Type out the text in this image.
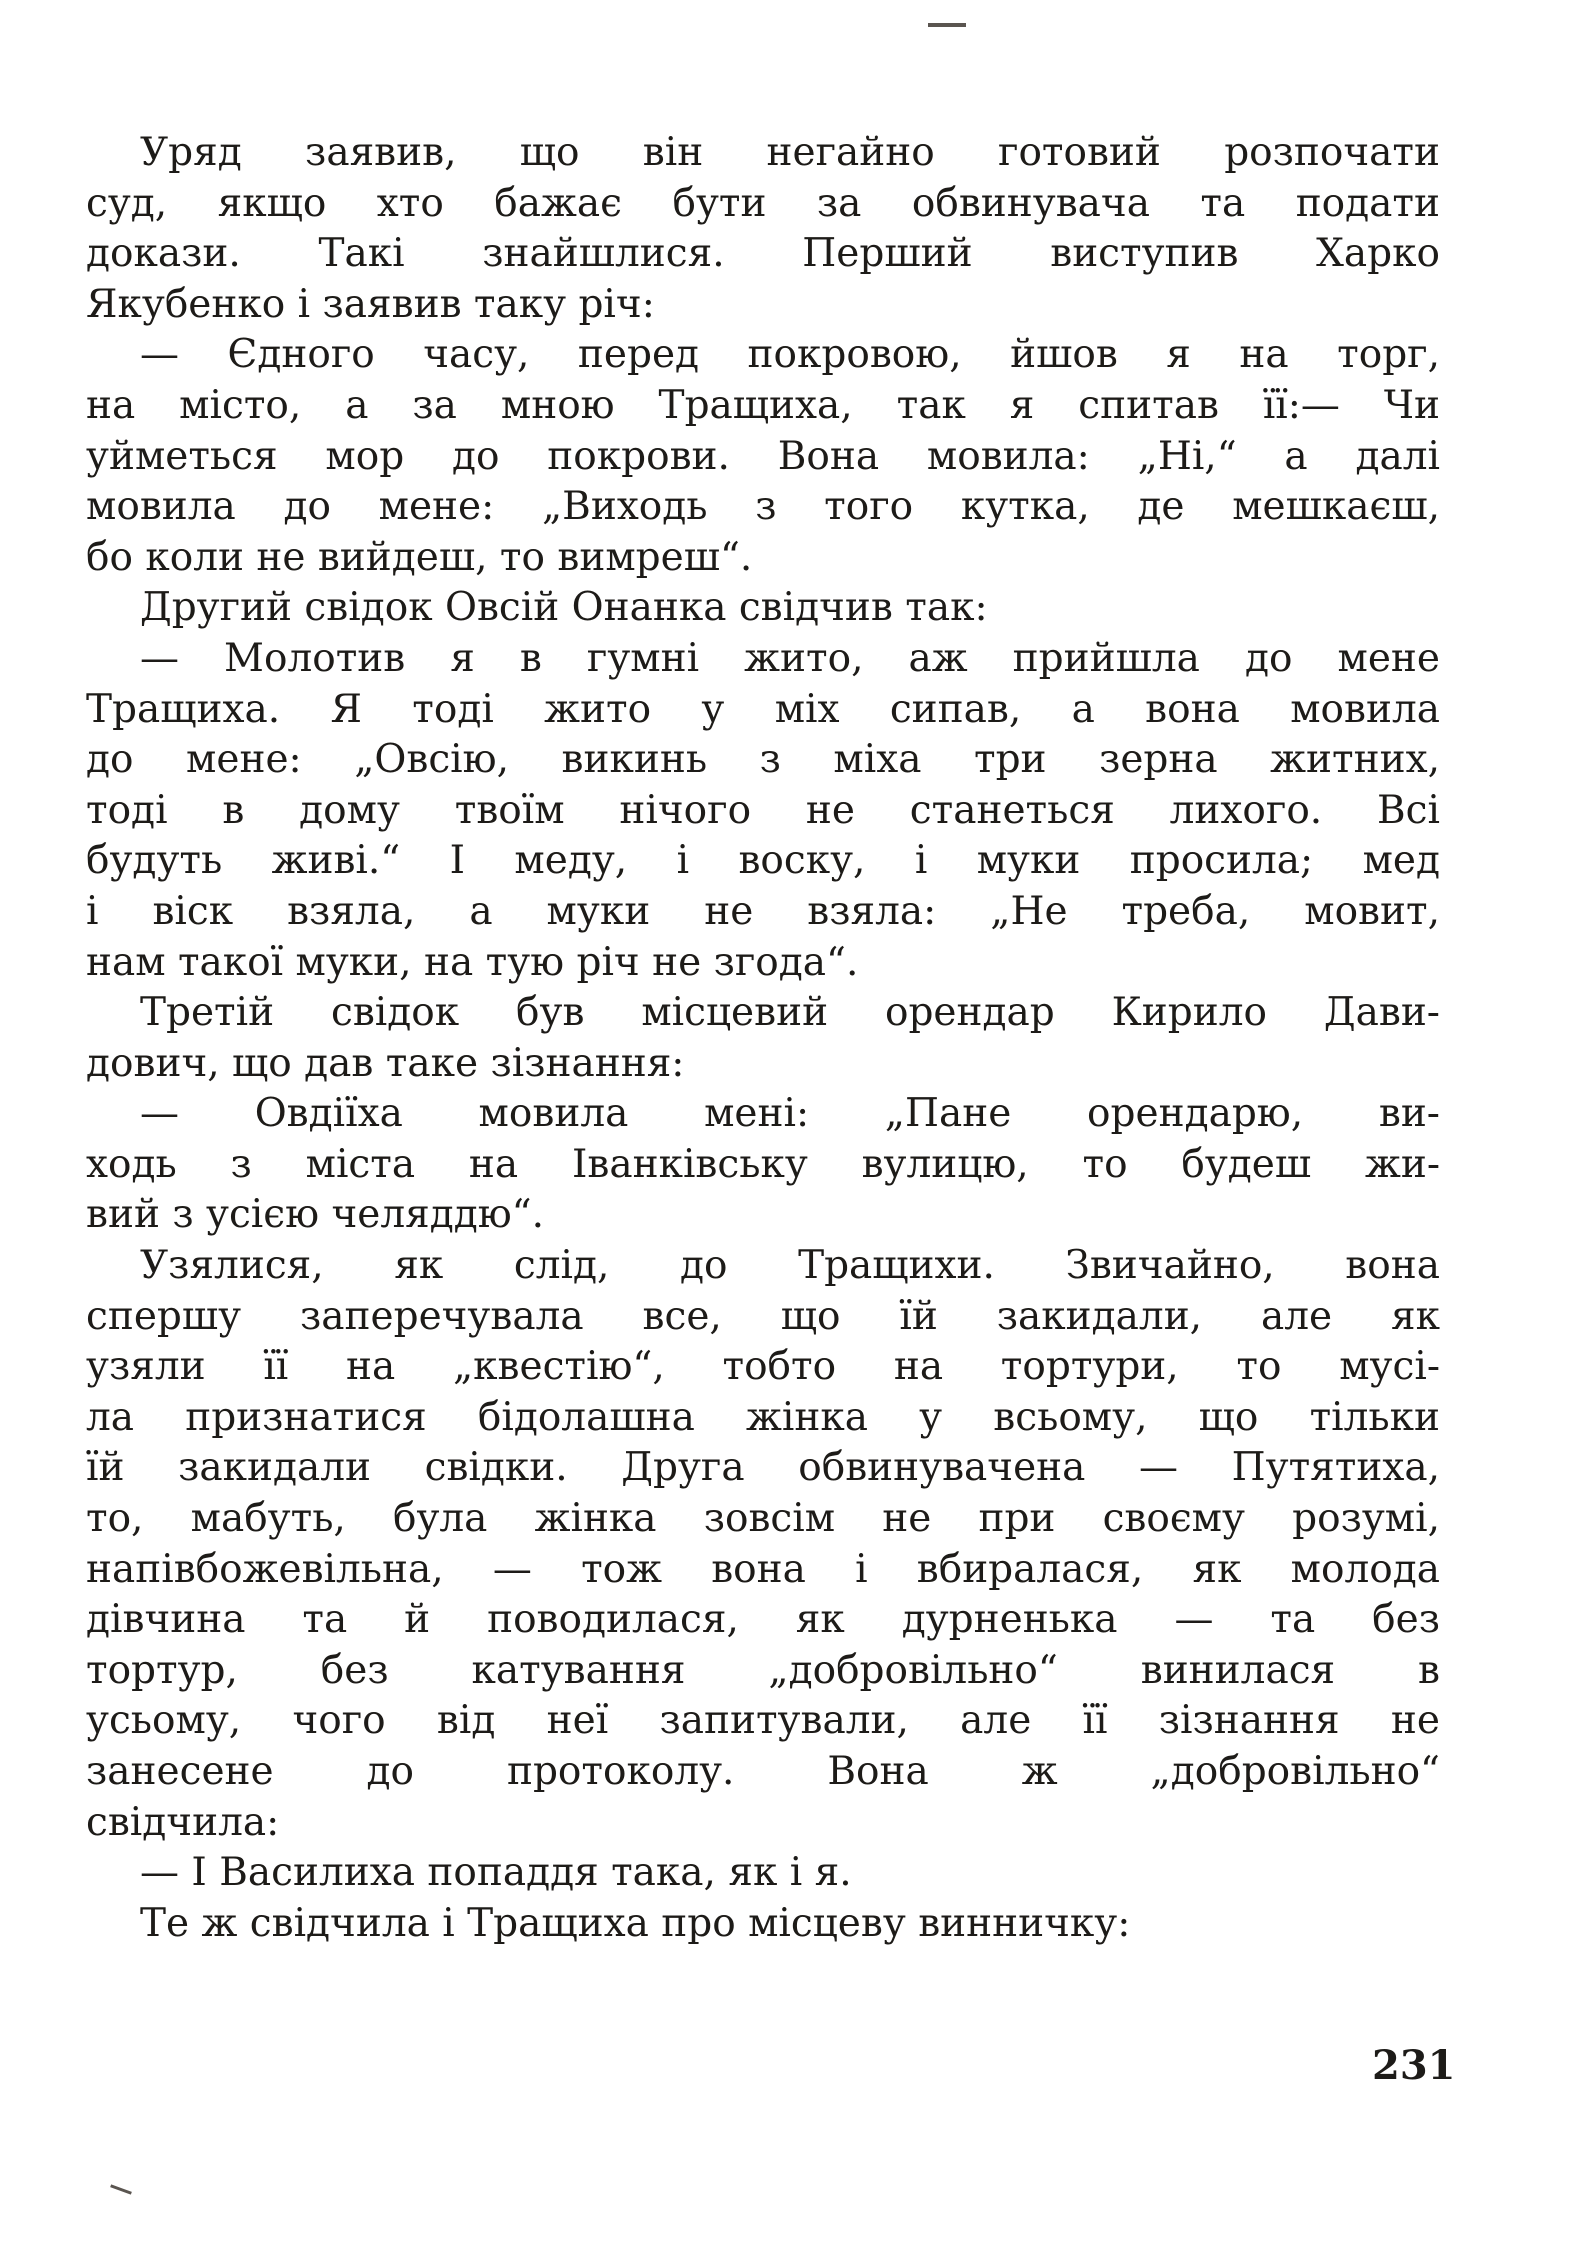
Уряд заявив, що він негайно готовий розпочати
суд, якщо хто бажає бути за обвинувача та подати
докази. Такі знайшлися. Перший виступив Харко
Якубенко і заявив таку річ:
— Єдного часу, перед покровою, йшов я на торг,
на місто, а за мною Тращиха, так я спитав її:— Чи
уйметься мор до покрови. Вона мовила: „Ні,“ а далі
мовила до мене: „Виходь з того кутка, де мешкаєш,
бо коли не вийдеш, то вимреш“.
Другий свідок Овсій Онанка свідчив так:
— Молотив я в гумні жито, аж прийшла до мене
Тращиха. Я тоді жито у міх сипав, а вона мовила
до мене: „Овсію, викинь з міха три зерна житних,
тоді в дому твоїм нічого не станеться лихого. Всі
будуть живі.“ І меду, і воску, і муки просила; мед
і віск взяла, а муки не взяла: „Не треба, мовит,
нам такої муки, на тую річ не згода“.
Третій свідок був місцевий орендар Кирило Дави-
дович, що дав таке зізнання:
— Овдіїха мовила мені: „Пане орендарю, ви-
ходь з міста на Іванківську вулицю, то будеш жи-
вий з усією челяддю“.
Узялися, як слід, до Тращихи. Звичайно, вона
спершу заперечувала все, що їй закидали, але як
узяли її на „квестію“, тобто на тортури, то мусі-
ла признатися бідолашна жінка у всьому, що тільки
їй закидали свідки. Друга обвинувачена — Путятиха,
то, мабуть, була жінка зовсім не при своєму розумі,
напівбожевільна, — тож вона і вбиралася, як молода
дівчина та й поводилася, як дурненька — та без
тортур, без катування „добровільно“ винилася в
усьому, чого від неї запитували, але її зізнання не
занесене до протоколу. Вона ж „добровільно“
свідчила:
— І Василиха попаддя така, як і я.
Те ж свідчила і Тращиха про місцеву винничку:
231
